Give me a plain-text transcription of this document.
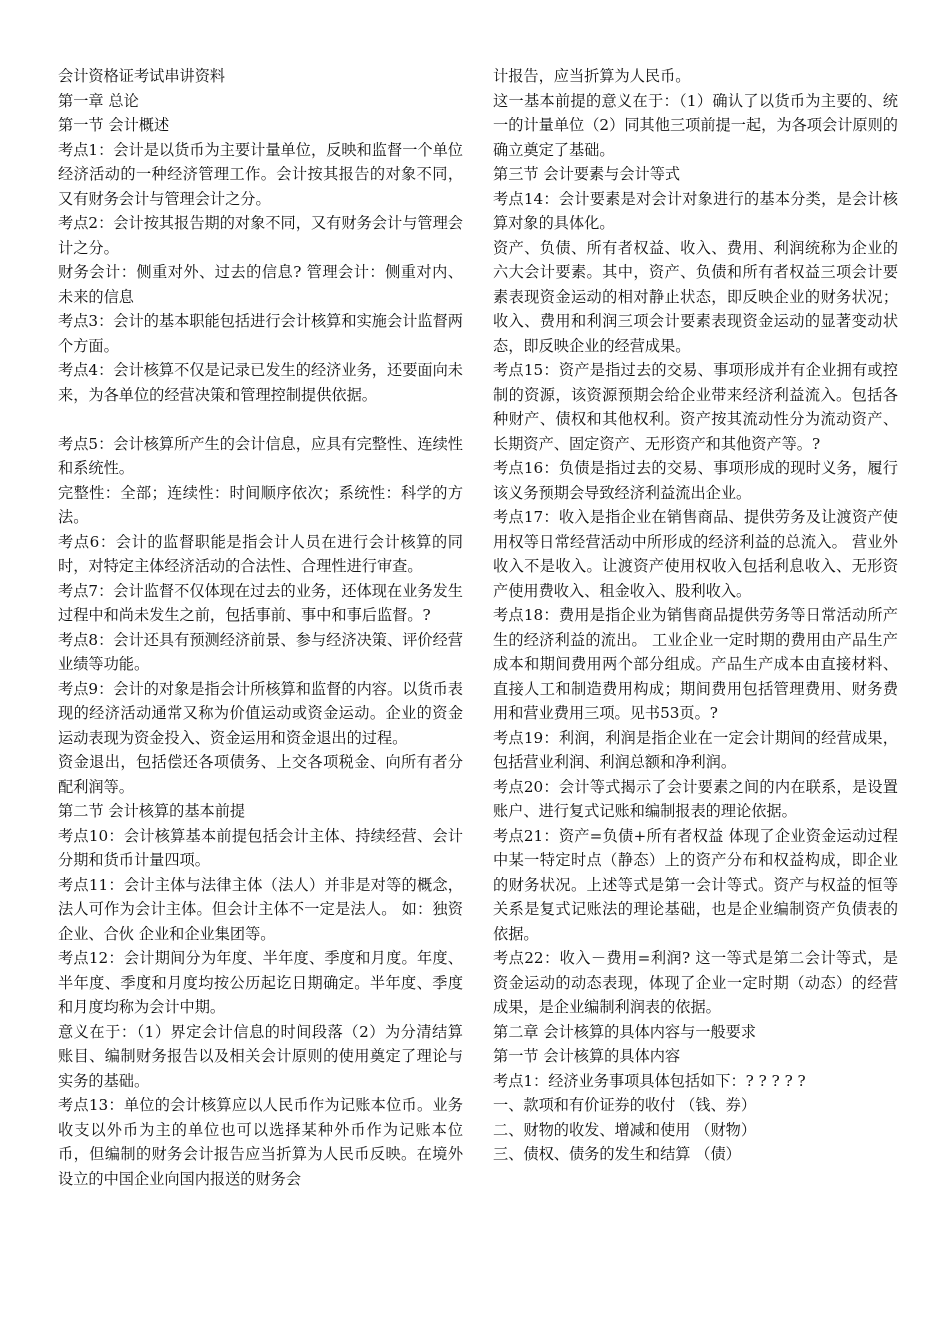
会计资格证考试串讲资料

第一章 总论

第一节 会计概述

考点1：会计是以货币为主要计量单位，反映和监督一个单位经济活动的一种经济管理工作。会计按其报告的对象不同，又有财务会计与管理会计之分。

考点2：会计按其报告期的对象不同，又有财务会计与管理会计之分。

财务会计：侧重对外、过去的信息? 管理会计：侧重对内、未来的信息

考点3：会计的基本职能包括进行会计核算和实施会计监督两个方面。

考点4：会计核算不仅是记录已发生的经济业务，还要面向未来，为各单位的经营决策和管理控制提供依据。

考点5：会计核算所产生的会计信息，应具有完整性、连续性和系统性。

完整性：全部；连续性：时间顺序依次；系统性：科学的方法。

考点6：会计的监督职能是指会计人员在进行会计核算的同时，对特定主体经济活动的合法性、合理性进行审查。

考点7：会计监督不仅体现在过去的业务，还体现在业务发生过程中和尚未发生之前，包括事前、事中和事后监督。?

考点8：会计还具有预测经济前景、参与经济决策、评价经营业绩等功能。

考点9：会计的对象是指会计所核算和监督的内容。以货币表现的经济活动通常又称为价值运动或资金运动。企业的资金运动表现为资金投入、资金运用和资金退出的过程。

资金退出，包括偿还各项债务、上交各项税金、向所有者分配利润等。

第二节 会计核算的基本前提

考点10：会计核算基本前提包括会计主体、持续经营、会计分期和货币计量四项。

考点11：会计主体与法律主体（法人）并非是对等的概念，法人可作为会计主体。但会计主体不一定是法人。 如：独资企业、合伙 企业和企业集团等。

考点12：会计期间分为年度、半年度、季度和月度。年度、半年度、季度和月度均按公历起讫日期确定。半年度、季度和月度均称为会计中期。

意义在于：（1）界定会计信息的时间段落（2）为分清结算账目、编制财务报告以及相关会计原则的使用奠定了理论与实务的基础。

考点13：单位的会计核算应以人民币作为记账本位币。业务收支以外币为主的单位也可以选择某种外币作为记账本位币，但编制的财务会计报告应当折算为人民币反映。在境外设立的中国企业向国内报送的财务会

计报告，应当折算为人民币。

这一基本前提的意义在于：（1）确认了以货币为主要的、统一的计量单位（2）同其他三项前提一起，为各项会计原则的确立奠定了基础。

第三节 会计要素与会计等式

考点14：会计要素是对会计对象进行的基本分类，是会计核算对象的具体化。

资产、负债、所有者权益、收入、费用、利润统称为企业的六大会计要素。其中，资产、负债和所有者权益三项会计要素表现资金运动的相对静止状态，即反映企业的财务状况；收入、费用和利润三项会计要素表现资金运动的显著变动状态，即反映企业的经营成果。

考点15：资产是指过去的交易、事项形成并有企业拥有或控制的资源，该资源预期会给企业带来经济利益流入。包括各种财产、债权和其他权利。资产按其流动性分为流动资产、长期资产、固定资产、无形资产和其他资产等。?

考点16：负债是指过去的交易、事项形成的现时义务，履行该义务预期会导致经济利益流出企业。

考点17：收入是指企业在销售商品、提供劳务及让渡资产使用权等日常经营活动中所形成的经济利益的总流入。 营业外收入不是收入。让渡资产使用权收入包括利息收入、无形资产使用费收入、租金收入、股利收入。

考点18：费用是指企业为销售商品提供劳务等日常活动所产生的经济利益的流出。 工业企业一定时期的费用由产品生产成本和期间费用两个部分组成。产品生产成本由直接材料、直接人工和制造费用构成；期间费用包括管理费用、财务费用和营业费用三项。见书53页。?

考点19：利润，利润是指企业在一定会计期间的经营成果，包括营业利润、利润总额和净利润。

考点20：会计等式揭示了会计要素之间的内在联系，是设置账户、进行复式记账和编制报表的理论依据。

考点21：资产=负债+所有者权益 体现了企业资金运动过程中某一特定时点（静态）上的资产分布和权益构成，即企业的财务状况。上述等式是第一会计等式。资产与权益的恒等关系是复式记账法的理论基础，也是企业编制资产负债表的依据。

考点22：收入－费用=利润? 这一等式是第二会计等式，是资金运动的动态表现，体现了企业一定时期（动态）的经营成果，是企业编制利润表的依据。

第二章 会计核算的具体内容与一般要求

第一节 会计核算的具体内容

考点1：经济业务事项具体包括如下：? ? ? ? ?

一、款项和有价证券的收付 （钱、券）

二、财物的收发、增减和使用 （财物）

三、债权、债务的发生和结算 （债）
